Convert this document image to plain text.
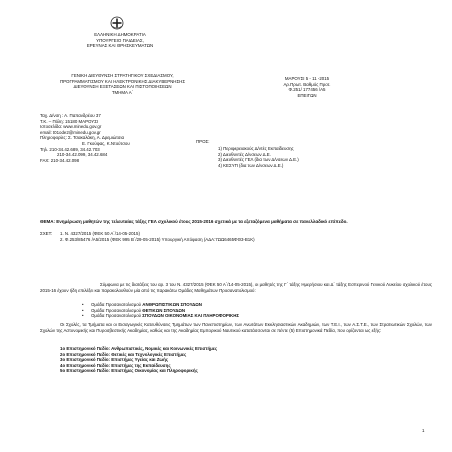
ΕΛΛΗΝΙΚΗ ΔΗΜΟΚΡΑΤΙΑ
ΥΠΟΥΡΓΕΙΟ ΠΑΙΔΕΙΑΣ,
ΕΡΕΥΝΑΣ ΚΑΙ ΘΡΗΣΚΕΥΜΑΤΩΝ
ΓΕΝΙΚΗ ΔΙΕΥΘΥΝΣΗ ΣΤΡΑΤΗΓΙΚΟΥ ΣΧΕΔΙΑΣΜΟΥ,
ΠΡΟΓΡΑΜΜΑΤΙΣΜΟΥ ΚΑΙ ΗΛΕΚΤΡΟΝΙΚΗΣ ΔΙΑΚΥΒΕΡΝΗΣΗΣ
ΔΙΕΥΘΥΝΣΗ ΕΞΕΤΑΣΕΩΝ ΚΑΙ ΠΙΣΤΟΠΟΙΗΣΕΩΝ
ΤΜΗΜΑ Α΄
ΜΑΡΟΥΣΙ 5 - 11 -2015
Αρ.Πρωτ. Βαθμός Προτ.
Φ.251/ 177456 /Α5
ΕΠΕΙΓΩΝ
Ταχ. Δ/νση : Α. Παπανδρέου 37
Τ.Κ. – Πόλη: 15180 ΜΑΡΟΥΣΙ
Ιστοσελίδα: www.minedu.gov.gr
email: t01ode2@minedu.gov.gr
Πληροφορίες: Σ. Τσακαλάκη, Α. Δρεμιώτσια
Ε. Γκούφας, Κ.Ντούτσου
Τηλ. 210-34.42.689, 34.42.703
210-34.42.099, 34.42.684
FAX: 210-34.42.098
ΠΡΟΣ:
1) Περιφερειακούς Δ/ντές Εκπαίδευσης
2) Διευθυντές Δ/νσεων Δ.Ε.
3) Διευθυντές ΓΕΛ (δια των Δ/νσεων Δ.Ε.)
4) ΚΕΣΥΠ (δια των Δ/νσεων Δ.Ε.)
ΘΕΜΑ: Ενημέρωση μαθητών της τελευταίας τάξης ΓΕΛ σχολικού έτους 2015-2016 σχετικά με τα εξεταζόμενα μαθήματα σε πανελλαδικό επίπεδο.
ΣΧΕΤ: 1. Ν. 4327/2015 (ΦΕΚ 50 Α΄/14-05-2015)
2. Φ.253/85476 /Α5/2015 (ΦΕΚ 995 Β΄/29-05-2015) Υπουργική Απόφαση (ΑΔΑ:7ΩΩ6465ΦΘ3-Β1Κ)
Σύμφωνα με τις διατάξεις του αρ. 3 του Ν. 4327/2015 (ΦΕΚ 50 Α΄/14-05-2015), οι μαθητές της Γ΄ τάξης Ημερήσιου και Δ΄ τάξης Εσπερινού Γενικού Λυκείου σχολικού έτους 2015-16 έχουν ήδη επιλέξει και παρακολουθούν μία από τις παρακάτω Ομάδες Μαθημάτων Προσανατολισμού:
• Ομάδα Προσανατολισμού ΑΝΘΡΩΠΙΣΤΙΚΩΝ ΣΠΟΥΔΩΝ
• Ομάδα Προσανατολισμού ΘΕΤΙΚΩΝ ΣΠΟΥΔΩΝ
• Ομάδα Προσανατολισμού ΣΠΟΥΔΩΝ ΟΙΚΟΝΟΜΙΑΣ ΚΑΙ ΠΛΗΡΟΦΟΡΙΚΗΣ
Οι Σχολές, τα Τμήματα και οι Εισαγωγικές Κατευθύνσεις Τμημάτων των Πανεπιστημίων, των Ανωτάτων Εκκλησιαστικών Ακαδημιών, των Τ.Ε.Ι., των Α.Σ.Τ.Ε., των Στρατιωτικών Σχολών, των Σχολών της Αστυνομικής και Πυροσβεστικής Ακαδημίας, καθώς και της Ακαδημίας Εμπορικού Ναυτικού κατατάσσονται σε πέντε (5) Επιστημονικά Πεδία, που ορίζονται ως εξής:
1ο Επιστημονικό Πεδίο: Ανθρωπιστικές, Νομικές και Κοινωνικές Επιστήμες
2ο Επιστημονικό Πεδίο: Θετικές και Τεχνολογικές Επιστήμες
3ο Επιστημονικό Πεδίο: Επιστήμες Υγείας και Ζωής
4ο Επιστημονικό Πεδίο: Επιστήμες της Εκπαίδευσης
5ο Επιστημονικό Πεδίο: Επιστήμες Οικονομίας και Πληροφορικής
1
